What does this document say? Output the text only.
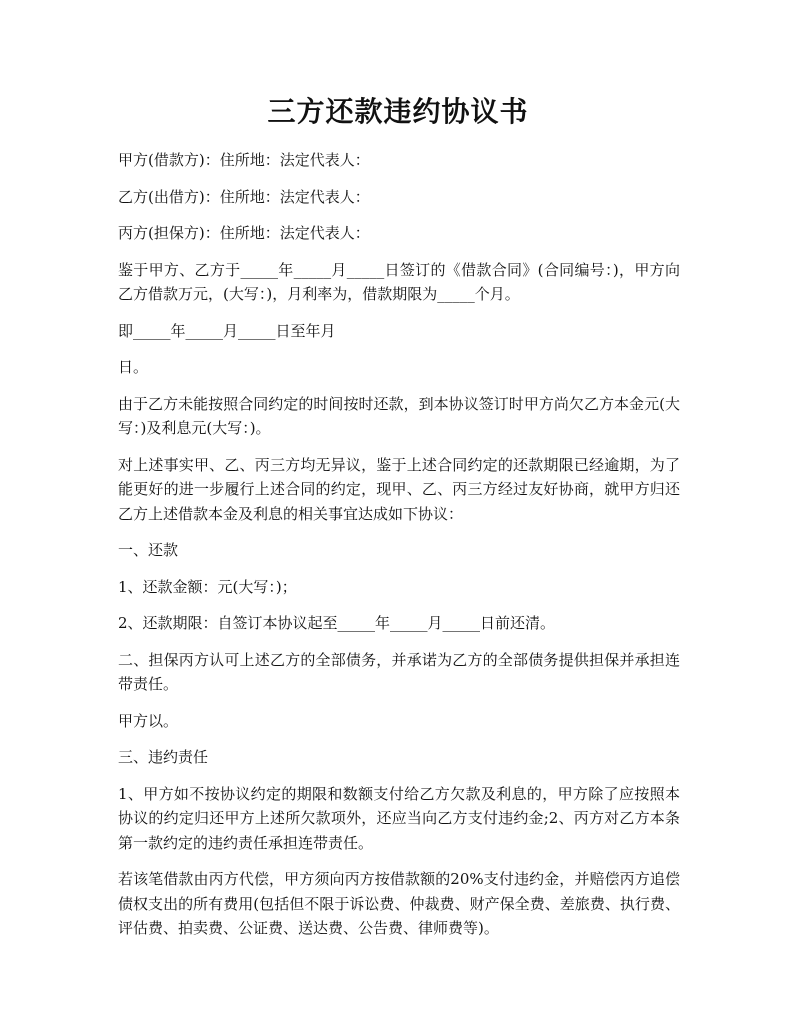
三方还款违约协议书

甲方(借款方)：住所地：法定代表人：

乙方(出借方)：住所地：法定代表人：

丙方(担保方)：住所地：法定代表人：

鉴于甲方、乙方于_____年_____月_____日签订的《借款合同》(合同编号：)，甲方向乙方借款万元，(大写：)，月利率为，借款期限为_____个月。

即_____年_____月_____日至年月

日。

由于乙方未能按照合同约定的时间按时还款，到本协议签订时甲方尚欠乙方本金元(大写：)及利息元(大写：)。

对上述事实甲、乙、丙三方均无异议，鉴于上述合同约定的还款期限已经逾期，为了能更好的进一步履行上述合同的约定，现甲、乙、丙三方经过友好协商，就甲方归还乙方上述借款本金及利息的相关事宜达成如下协议：

一、还款

1、还款金额：元(大写：)；

2、还款期限：自签订本协议起至_____年_____月_____日前还清。

二、担保丙方认可上述乙方的全部债务，并承诺为乙方的全部债务提供担保并承担连带责任。

甲方以。

三、违约责任

1、甲方如不按协议约定的期限和数额支付给乙方欠款及利息的，甲方除了应按照本协议的约定归还甲方上述所欠款项外，还应当向乙方支付违约金;2、丙方对乙方本条第一款约定的违约责任承担连带责任。

若该笔借款由丙方代偿，甲方须向丙方按借款额的20%支付违约金，并赔偿丙方追偿债权支出的所有费用(包括但不限于诉讼费、仲裁费、财产保全费、差旅费、执行费、评估费、拍卖费、公证费、送达费、公告费、律师费等)。
